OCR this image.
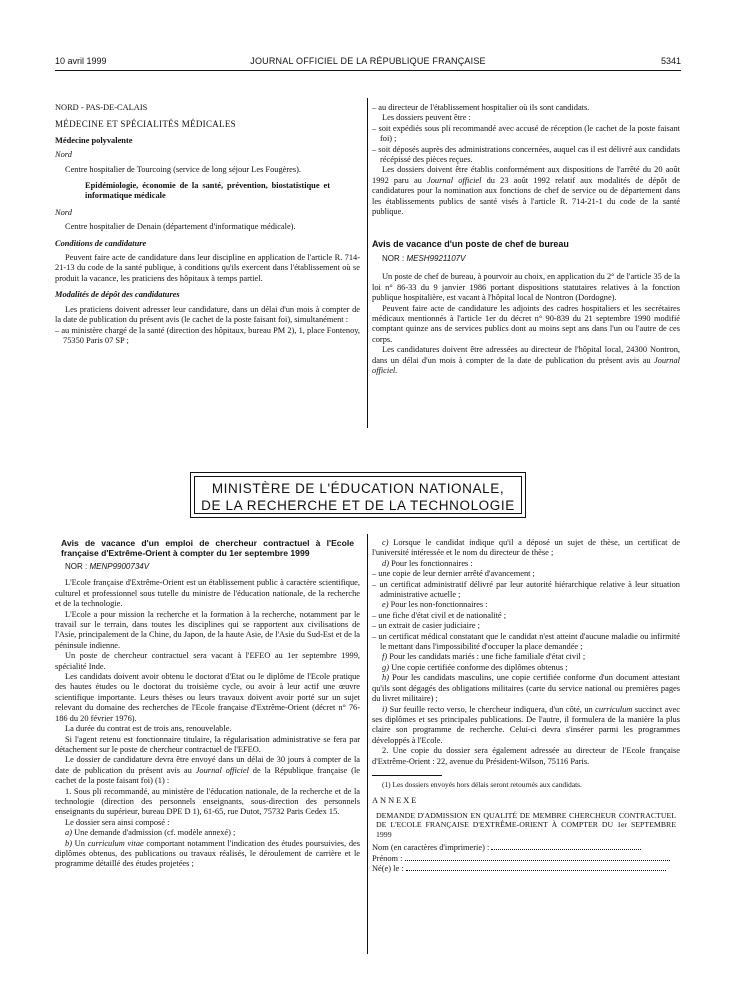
10 avril 1999	JOURNAL OFFICIEL DE LA RÉPUBLIQUE FRANÇAISE	5341

NORD - PAS-DE-CALAIS

MÉDECINE ET SPÉCIALITÉS MÉDICALES

Médecine polyvalente

Nord

Centre hospitalier de Tourcoing (service de long séjour Les Fougères).

Epidémiologie, économie de la santé, prévention, biostatistique et informatique médicale

Nord

Centre hospitalier de Denain (département d'informatique médicale).

Conditions de candidature

Peuvent faire acte de candidature dans leur discipline en application de l'article R. 714-21-13 du code de la santé publique, à conditions qu'ils exercent dans l'établissement où se produit la vacance, les praticiens des hôpitaux à temps partiel.

Modalités de dépôt des candidatures

Les praticiens doivent adresser leur candidature, dans un délai d'un mois à compter de la date de publication du présent avis (le cachet de la poste faisant foi), simultanément :

– au ministère chargé de la santé (direction des hôpitaux, bureau PM 2), 1, place Fontenoy, 75350 Paris 07 SP ;

– au directeur de l'établissement hospitalier où ils sont candidats.

Les dossiers peuvent être :

– soit expédiés sous pli recommandé avec accusé de réception (le cachet de la poste faisant foi) ;

– soit déposés auprès des administrations concernées, auquel cas il est délivré aux candidats récépissé des pièces reçues.

Les dossiers doivent être établis conformément aux dispositions de l'arrêté du 20 août 1992 paru au Journal officiel du 23 août 1992 relatif aux modalités de dépôt de candidatures pour la nomination aux fonctions de chef de service ou de département dans les établissements publics de santé visés à l'article R. 714-21-1 du code de la santé publique.

Avis de vacance d'un poste de chef de bureau

NOR : MESH9921107V

Un poste de chef de bureau, à pourvoir au choix, en application du 2° de l'article 35 de la loi n° 86-33 du 9 janvier 1986 portant dispositions statutaires relatives à la fonction publique hospitalière, est vacant à l'hôpital local de Nontron (Dordogne).

Peuvent faire acte de candidature les adjoints des cadres hospitaliers et les secrétaires médicaux mentionnés à l'article 1er du décret n° 90-839 du 21 septembre 1990 modifié comptant quinze ans de services publics dont au moins sept ans dans l'un ou l'autre de ces corps.

Les candidatures doivent être adressées au directeur de l'hôpital local, 24300 Nontron, dans un délai d'un mois à compter de la date de publication du présent avis au Journal officiel.

MINISTÈRE DE L'ÉDUCATION NATIONALE,
DE LA RECHERCHE ET DE LA TECHNOLOGIE

Avis de vacance d'un emploi de chercheur contractuel à l'Ecole française d'Extrême-Orient à compter du 1er septembre 1999

NOR : MENP9900734V

L'Ecole française d'Extrême-Orient est un établissement public à caractère scientifique, culturel et professionnel sous tutelle du ministre de l'éducation nationale, de la recherche et de la technologie.

L'Ecole a pour mission la recherche et la formation à la recherche, notamment par le travail sur le terrain, dans toutes les disciplines qui se rapportent aux civilisations de l'Asie, principalement de la Chine, du Japon, de la haute Asie, de l'Asie du Sud-Est et de la péninsule indienne.

Un poste de chercheur contractuel sera vacant à l'EFEO au 1er septembre 1999, spécialité Inde.

Les candidats doivent avoir obtenu le doctorat d'Etat ou le diplôme de l'Ecole pratique des hautes études ou le doctorat du troisième cycle, ou avoir à leur actif une œuvre scientifique importante. Leurs thèses ou leurs travaux doivent avoir porté sur un sujet relevant du domaine des recherches de l'Ecole française d'Extrême-Orient (décret n° 76-186 du 20 février 1976).

La durée du contrat est de trois ans, renouvelable.

Si l'agent retenu est fonctionnaire titulaire, la régularisation administrative se fera par détachement sur le poste de chercheur contractuel de l'EFEO.

Le dossier de candidature devra être envoyé dans un délai de 30 jours à compter de la date de publication du présent avis au Journal officiel de la République française (le cachet de la poste faisant foi) (1) :

1. Sous pli recommandé, au ministère de l'éducation nationale, de la recherche et de la technologie (direction des personnels enseignants, sous-direction des personnels enseignants du supérieur, bureau DPE D 1), 61-65, rue Dutot, 75732 Paris Cedex 15.

Le dossier sera ainsi composé :

a) Une demande d'admission (cf. modèle annexé) ;

b) Un curriculum vitae comportant notamment l'indication des études poursuivies, des diplômes obtenus, des publications ou travaux réalisés, le déroulement de carrière et le programme détaillé des études projetées ;

c) Lorsque le candidat indique qu'il a déposé un sujet de thèse, un certificat de l'université intéressée et le nom du directeur de thèse ;

d) Pour les fonctionnaires :

– une copie de leur dernier arrêté d'avancement ;

– un certificat administratif délivré par leur autorité hiérarchique relative à leur situation administrative actuelle ;

e) Pour les non-fonctionnaires :

– une fiche d'état civil et de nationalité ;

– un extrait de casier judiciaire ;

– un certificat médical constatant que le candidat n'est atteint d'aucune maladie ou infirmité le mettant dans l'impossibilité d'occuper la place demandée ;

f) Pour les candidats mariés : une fiche familiale d'état civil ;

g) Une copie certifiée conforme des diplômes obtenus ;

h) Pour les candidats masculins, une copie certifiée conforme d'un document attestant qu'ils sont dégagés des obligations militaires (carte du service national ou premières pages du livret militaire) ;

i) Sur feuille recto verso, le chercheur indiquera, d'un côté, un curriculum succinct avec ses diplômes et ses principales publications. De l'autre, il formulera de la manière la plus claire son programme de recherche. Celui-ci devra s'insérer parmi les programmes développés à l'Ecole.

2. Une copie du dossier sera également adressée au directeur de l'Ecole française d'Extrême-Orient : 22, avenue du Président-Wilson, 75116 Paris.

(1) Les dossiers envoyés hors délais seront retournés aux candidats.

ANNEXE

DEMANDE D'ADMISSION EN QUALITÉ DE MEMBRE CHERCHEUR CONTRACTUEL DE L'ECOLE FRANÇAISE D'EXTRÊME-ORIENT À COMPTER DU 1er SEPTEMBRE 1999

Nom (en caractères d'imprimerie) :

Prénom :

Né(e) le :
